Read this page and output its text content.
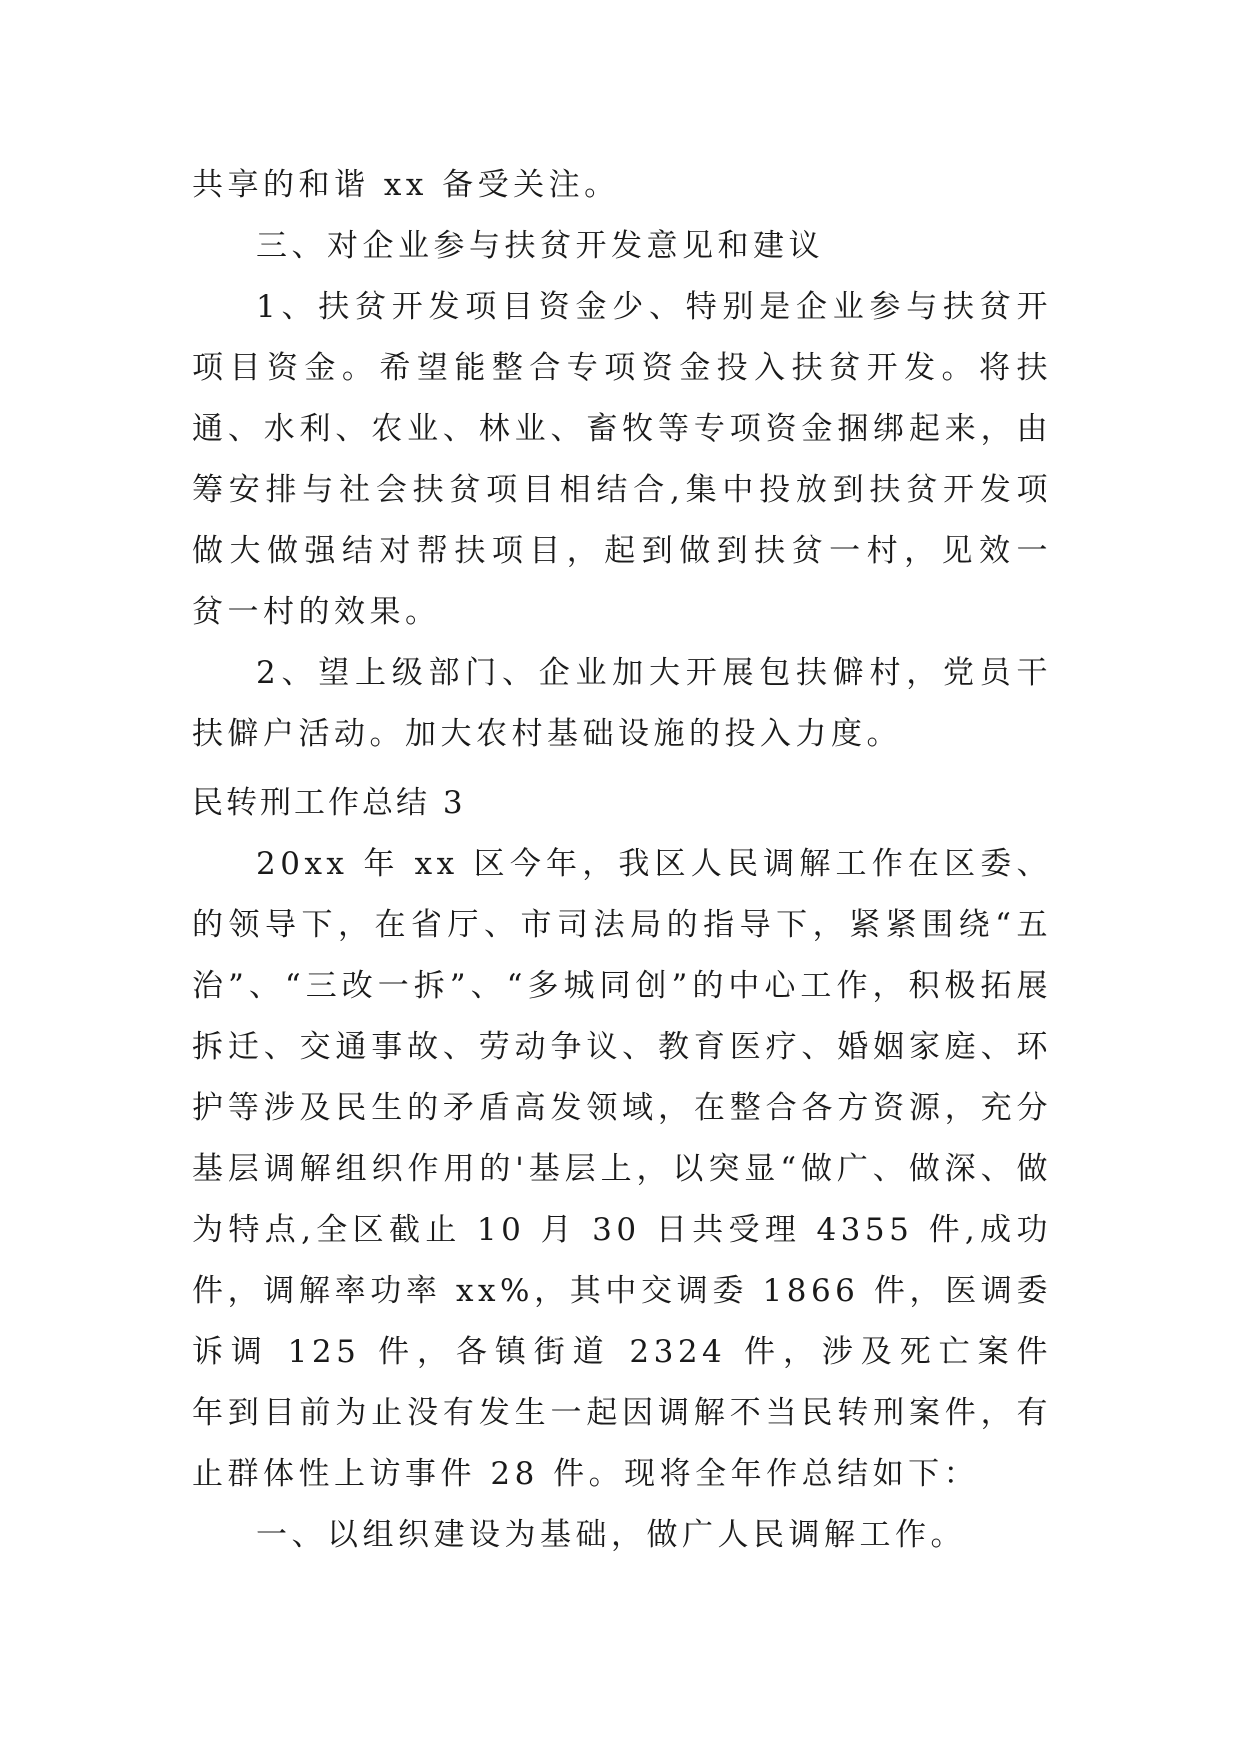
共享的和谐 xx 备受关注。
三、对企业参与扶贫开发意见和建议
1、扶贫开发项目资金少、特别是企业参与扶贫开
项目资金。希望能整合专项资金投入扶贫开发。将扶
通、水利、农业、林业、畜牧等专项资金捆绑起来，由
筹安排与社会扶贫项目相结合,集中投放到扶贫开发项
做大做强结对帮扶项目，起到做到扶贫一村，见效一
贫一村的效果。
2、望上级部门、企业加大开展包扶僻村，党员干
扶僻户活动。加大农村基础设施的投入力度。
民转刑工作总结 3
20xx 年 xx 区今年，我区人民调解工作在区委、
的领导下，在省厅、市司法局的指导下，紧紧围绕“五
治”、“三改一拆”、“多城同创”的中心工作，积极拓展
拆迁、交通事故、劳动争议、教育医疗、婚姻家庭、环
护等涉及民生的矛盾高发领域，在整合各方资源，充分
基层调解组织作用的'基层上，以突显“做广、做深、做
为特点,全区截止 10 月 30 日共受理 4355 件,成功
件，调解率功率 xx%，其中交调委 1866 件，医调委
诉调 125 件，各镇街道 2324 件，涉及死亡案件
年到目前为止没有发生一起因调解不当民转刑案件，有
止群体性上访事件 28 件。现将全年作总结如下：
一、以组织建设为基础，做广人民调解工作。
